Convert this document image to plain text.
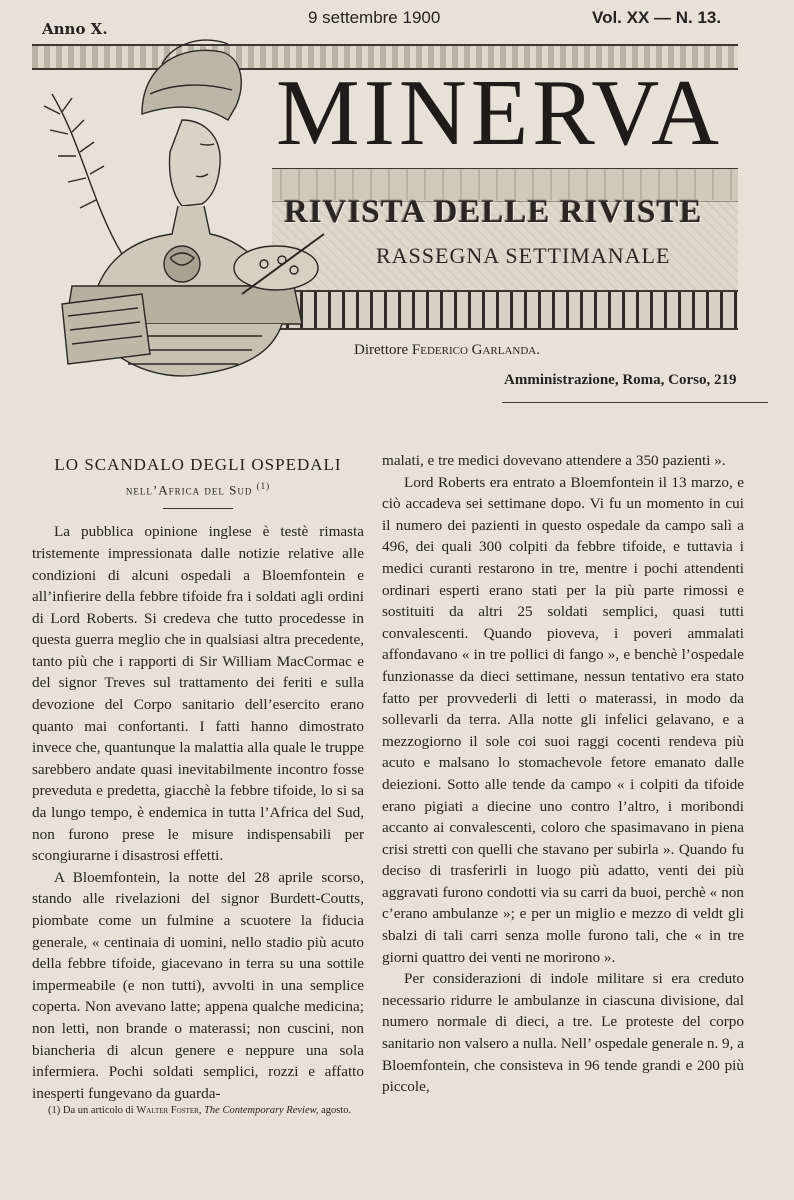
Anno X.
9 settembre 1900	Vol. XX — N. 13.
MINERVA
RIVISTA DELLE RIVISTE
RASSEGNA SETTIMANALE
Direttore Federico Garlanda.
Amministrazione, Roma, Corso, 219

LO SCANDALO DEGLI OSPEDALI

nell’Africa del Sud $^{(1)}$

La pubblica opinione inglese è testè rimasta tristemente impressionata dalle notizie relative alle condizioni di alcuni ospedali a Bloemfontein e all’infierire della febbre tifoide fra i soldati agli ordini di Lord Roberts. Si credeva che tutto procedesse in questa guerra meglio che in qualsiasi altra precedente, tanto più che i rapporti di Sir William MacCormac e del signor Treves sul trattamento dei feriti e sulla devozione del Corpo sanitario dell’esercito erano quanto mai confortanti. I fatti hanno dimostrato invece che, quantunque la malattia alla quale le truppe sarebbero andate quasi inevitabilmente incontro fosse preveduta e predetta, giacchè la febbre tifoide, lo si sa da lungo tempo, è endemica in tutta l’Africa del Sud, non furono prese le misure indispensabili per scongiurarne i disastrosi effetti.

A Bloemfontein, la notte del 28 aprile scorso, stando alle rivelazioni del signor Burdett-Coutts, piombate come un fulmine a scuotere la fiducia generale, « centinaia di uomini, nello stadio più acuto della febbre tifoide, giacevano in terra su una sottile impermeabile (e non tutti), avvolti in una semplice coperta. Non avevano latte; appena qualche medicina; non letti, non brande o materassi; non cuscini, non biancheria di alcun genere e neppure una sola infermiera. Pochi soldati semplici, rozzi e affatto inesperti fungevano da guarda-

(1) Da un articolo di Walter Foster, The Contemporary Review, agosto.

malati, e tre medici dovevano attendere a 350 pazienti ».

Lord Roberts era entrato a Bloemfontein il 13 marzo, e ciò accadeva sei settimane dopo. Vi fu un momento in cui il numero dei pazienti in questo ospedale da campo salì a 496, dei quali 300 colpiti da febbre tifoide, e tuttavia i medici curanti restarono in tre, mentre i pochi attendenti ordinari esperti erano stati per la più parte rimossi e sostituiti da altri 25 soldati semplici, quasi tutti convalescenti. Quando pioveva, i poveri ammalati affondavano « in tre pollici di fango », e benchè l’ospedale funzionasse da dieci settimane, nessun tentativo era stato fatto per provvederli di letti o materassi, in modo da sollevarli da terra. Alla notte gli infelici gelavano, e a mezzogiorno il sole coi suoi raggi cocenti rendeva più acuto e malsano lo stomachevole fetore emanato dalle deiezioni. Sotto alle tende da campo « i colpiti da tifoide erano pigiati a diecine uno contro l’altro, i moribondi accanto ai convalescenti, coloro che spasimavano in piena crisi stretti con quelli che stavano per subirla ». Quando fu deciso di trasferirli in luogo più adatto, venti dei più aggravati furono condotti via su carri da buoi, perchè « non c’erano ambulanze »; e per un miglio e mezzo di veldt gli sbalzi di tali carri senza molle furono tali, che « in tre giorni quattro dei venti ne morirono ».

Per considerazioni di indole militare si era creduto necessario ridurre le ambulanze in ciascuna divisione, dal numero normale di dieci, a tre. Le proteste del corpo sanitario non valsero a nulla. Nell’ ospedale generale n. 9, a Bloemfontein, che consisteva in 96 tende grandi e 200 più piccole,
